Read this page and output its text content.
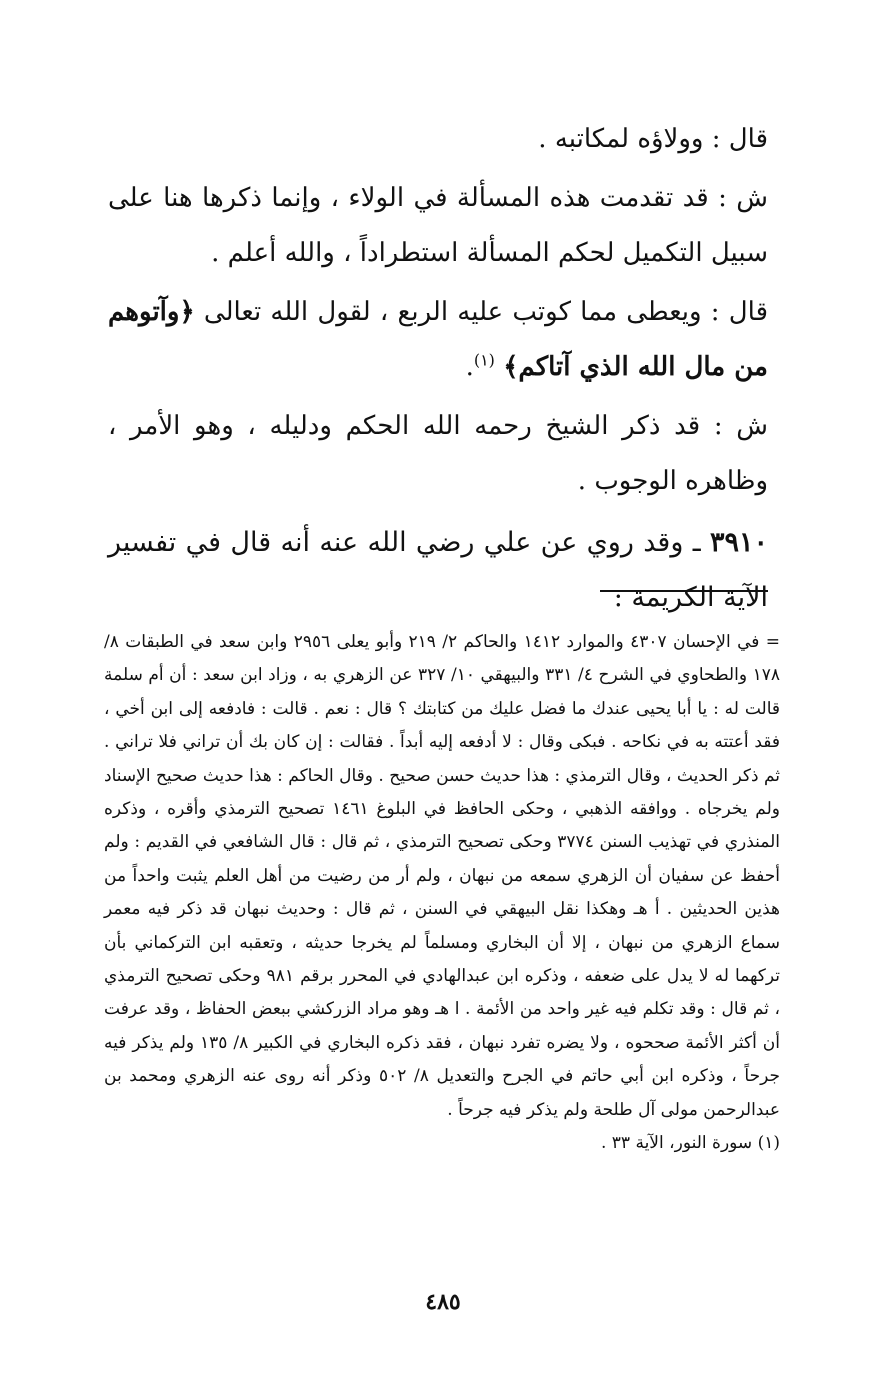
قال : وولاؤه لمكاتبه .

ش : قد تقدمت هذه المسألة في الولاء ، وإنما ذكرها هنا على سبيل التكميل لحكم المسألة استطراداً ، والله أعلم .

قال : ويعطى مما كوتب عليه الربع ، لقول الله تعالى ﴿وآتوهم من مال الله الذي آتاكم﴾ $^{(١)}$.

ش : قد ذكر الشيخ رحمه الله الحكم ودليله ، وهو الأمر ، وظاهره الوجوب .

٣٩١٠ ـ وقد روي عن علي رضي الله عنه أنه قال في تفسير الآية الكريمة :

= في الإحسان ٤٣٠٧ والموارد ١٤١٢ والحاكم ٢/ ٢١٩ وأبو يعلى ٢٩٥٦ وابن سعد في الطبقات ٨/ ١٧٨ والطحاوي في الشرح ٤/ ٣٣١ والبيهقي ١٠/ ٣٢٧ عن الزهري به ، وزاد ابن سعد : أن أم سلمة قالت له : يا أبا يحيى عندك ما فضل عليك من كتابتك ؟ قال : نعم . قالت : فادفعه إلى ابن أخي ، فقد أعتته به في نكاحه . فبكى وقال : لا أدفعه إليه أبداً . فقالت : إن كان بك أن تراني فلا تراني . ثم ذكر الحديث ، وقال الترمذي : هذا حديث حسن صحيح . وقال الحاكم : هذا حديث صحيح الإسناد ولم يخرجاه . ووافقه الذهبي ، وحكى الحافظ في البلوغ ١٤٦١ تصحيح الترمذي وأقره ، وذكره المنذري في تهذيب السنن ٣٧٧٤ وحكى تصحيح الترمذي ، ثم قال : قال الشافعي في القديم : ولم أحفظ عن سفيان أن الزهري سمعه من نبهان ، ولم أر من رضيت من أهل العلم يثبت واحداً من هذين الحديثين . أ هـ وهكذا نقل البيهقي في السنن ، ثم قال : وحديث نبهان قد ذكر فيه معمر سماع الزهري من نبهان ، إلا أن البخاري ومسلماً لم يخرجا حديثه ، وتعقبه ابن التركماني بأن تركهما له لا يدل على ضعفه ، وذكره ابن عبدالهادي في المحرر برقم ٩٨١ وحكى تصحيح الترمذي ، ثم قال : وقد تكلم فيه غير واحد من الأئمة . ا هـ وهو مراد الزركشي ببعض الحفاظ ، وقد عرفت أن أكثر الأئمة صححوه ، ولا يضره تفرد نبهان ، فقد ذكره البخاري في الكبير ٨/ ١٣٥ ولم يذكر فيه جرحاً ، وذكره ابن أبي حاتم في الجرح والتعديل ٨/ ٥٠٢ وذكر أنه روى عنه الزهري ومحمد بن عبدالرحمن مولى آل طلحة ولم يذكر فيه جرحاً .

(١) سورة النور، الآية ٣٣ .

٤٨٥
